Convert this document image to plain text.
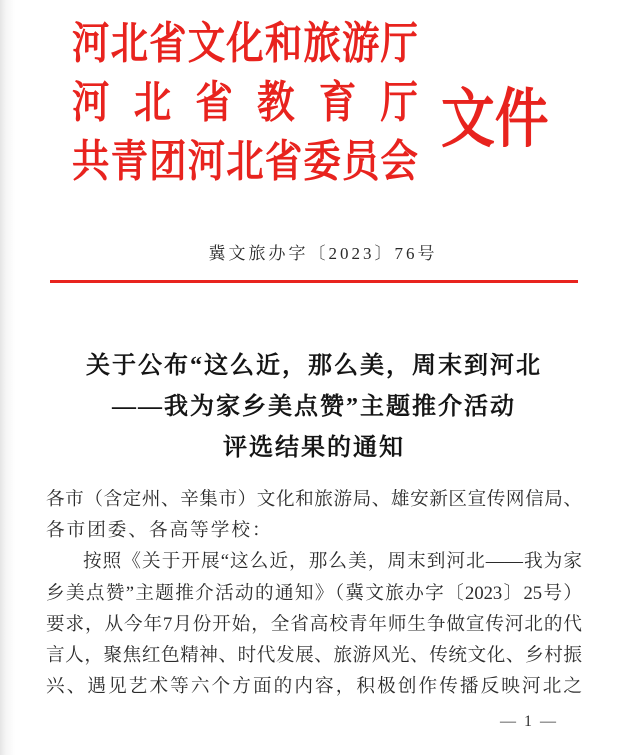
河北省文化和旅游厅
河北省教育厅
共青团河北省委员会
文件
冀文旅办字〔2023〕76号
关于公布“这么近，那么美，周末到河北
——我为家乡美点赞”主题推介活动
评选结果的通知
各市（含定州、辛集市）文化和旅游局、雄安新区宣传网信局、
各市团委、各高等学校：
按照《关于开展“这么近，那么美，周末到河北——我为家
乡美点赞”主题推介活动的通知》（冀文旅办字〔2023〕25号）
要求，从今年7月份开始，全省高校青年师生争做宣传河北的代
言人，聚焦红色精神、时代发展、旅游风光、传统文化、乡村振
兴、遇见艺术等六个方面的内容，积极创作传播反映河北之
— 1 —
